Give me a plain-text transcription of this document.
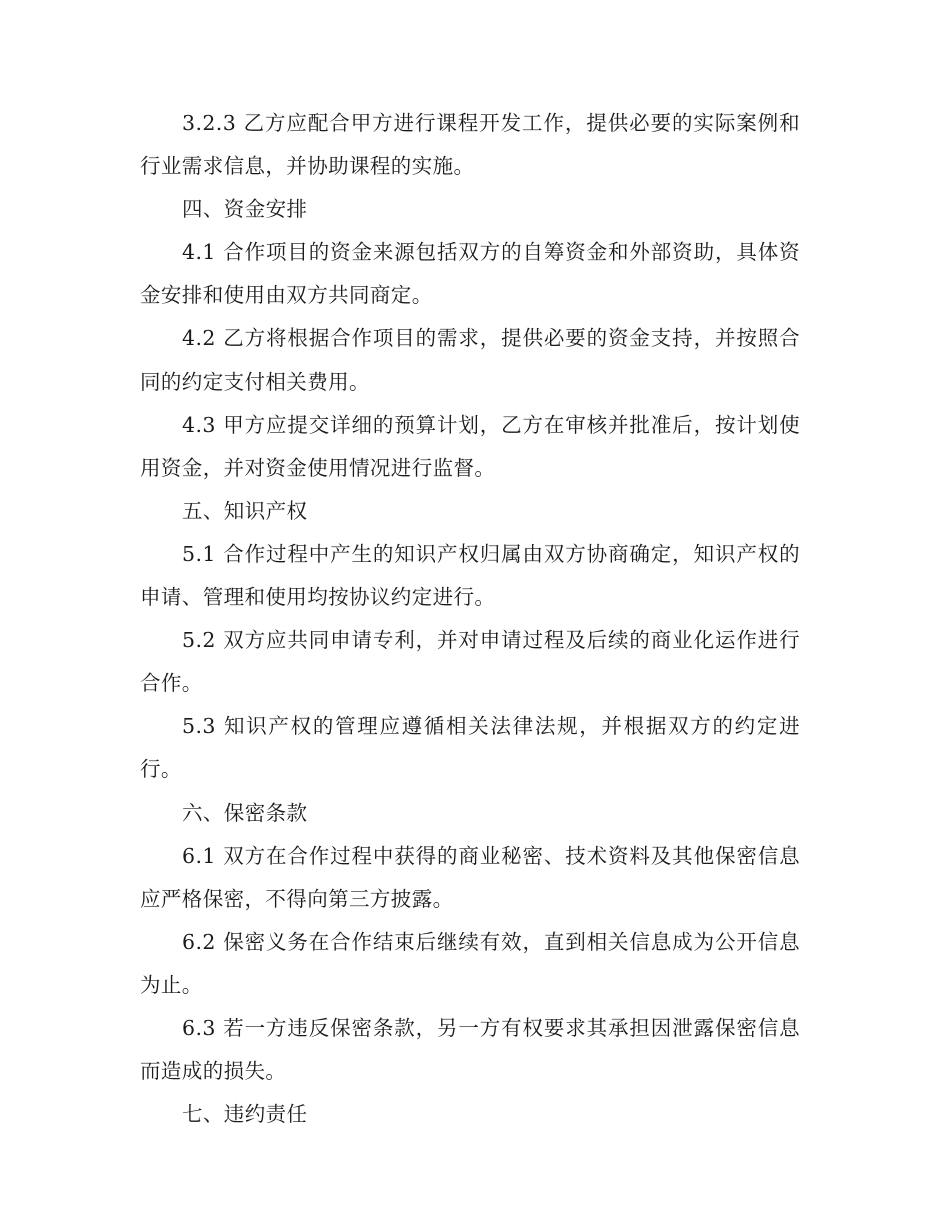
3.2.3 乙方应配合甲方进行课程开发工作，提供必要的实际案例和行业需求信息，并协助课程的实施。

四、资金安排

4.1 合作项目的资金来源包括双方的自筹资金和外部资助，具体资金安排和使用由双方共同商定。

4.2 乙方将根据合作项目的需求，提供必要的资金支持，并按照合同的约定支付相关费用。

4.3 甲方应提交详细的预算计划，乙方在审核并批准后，按计划使用资金，并对资金使用情况进行监督。

五、知识产权

5.1 合作过程中产生的知识产权归属由双方协商确定，知识产权的申请、管理和使用均按协议约定进行。

5.2 双方应共同申请专利，并对申请过程及后续的商业化运作进行合作。

5.3 知识产权的管理应遵循相关法律法规，并根据双方的约定进行。

六、保密条款

6.1 双方在合作过程中获得的商业秘密、技术资料及其他保密信息应严格保密，不得向第三方披露。

6.2 保密义务在合作结束后继续有效，直到相关信息成为公开信息为止。

6.3 若一方违反保密条款，另一方有权要求其承担因泄露保密信息而造成的损失。

七、违约责任
